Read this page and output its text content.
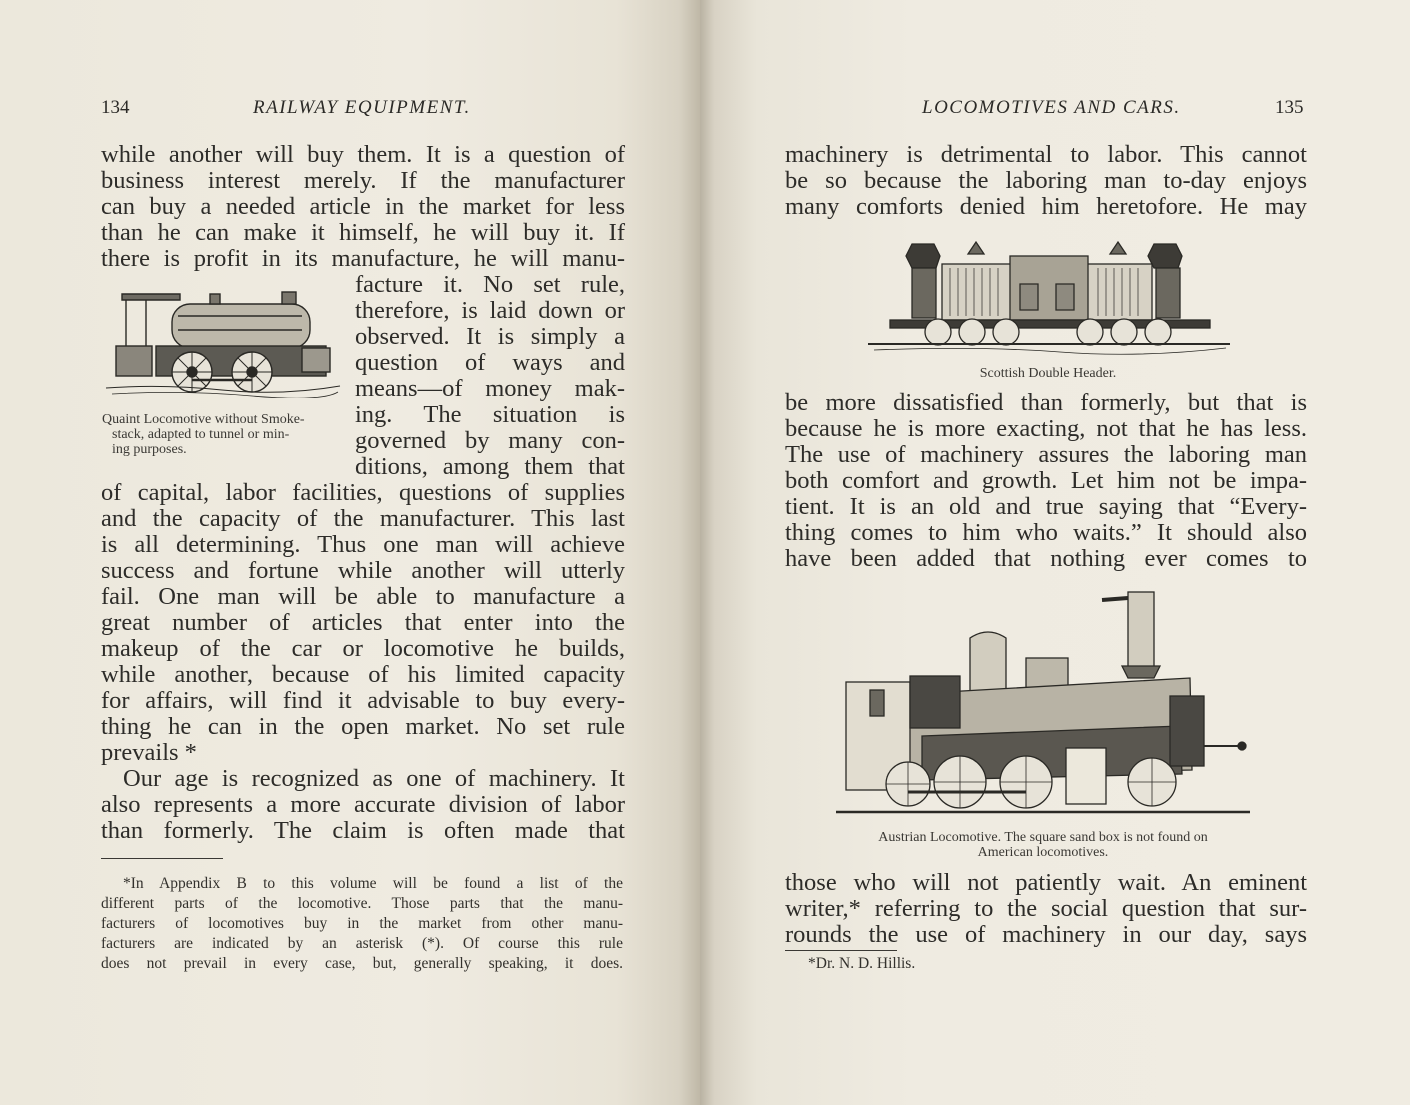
134	RAILWAY EQUIPMENT.
while another will buy them. It is a question of
business interest merely. If the manufacturer
can buy a needed article in the market for less
than he can make it himself, he will buy it. If
there is profit in its manufacture, he will manu-
Quaint Locomotive without Smoke-
stack, adapted to tunnel or min-
ing purposes.
facture it. No set rule,
therefore, is laid down or
observed. It is simply a
question of ways and
means—of money mak-
ing. The situation is
governed by many con-
ditions, among them that
of capital, labor facilities, questions of supplies
and the capacity of the manufacturer. This last
is all determining. Thus one man will achieve
success and fortune while another will utterly
fail. One man will be able to manufacture a
great number of articles that enter into the
makeup of the car or locomotive he builds,
while another, because of his limited capacity
for affairs, will find it advisable to buy every-
thing he can in the open market. No set rule
prevails *
Our age is recognized as one of machinery. It
also represents a more accurate division of labor
than formerly. The claim is often made that
*In Appendix B to this volume will be found a list of the
different parts of the locomotive. Those parts that the manu-
facturers of locomotives buy in the market from other manu-
facturers are indicated by an asterisk (*). Of course this rule
does not prevail in every case, but, generally speaking, it does.
LOCOMOTIVES AND CARS.	135
machinery is detrimental to labor. This cannot
be so because the laboring man to-day enjoys
many comforts denied him heretofore. He may
Scottish Double Header.
be more dissatisfied than formerly, but that is
because he is more exacting, not that he has less.
The use of machinery assures the laboring man
both comfort and growth. Let him not be impa-
tient. It is an old and true saying that “Every-
thing comes to him who waits.” It should also
have been added that nothing ever comes to
Austrian Locomotive. The square sand box is not found on
American locomotives.
those who will not patiently wait. An eminent
writer,* referring to the social question that sur-
rounds the use of machinery in our day, says
*Dr. N. D. Hillis.
